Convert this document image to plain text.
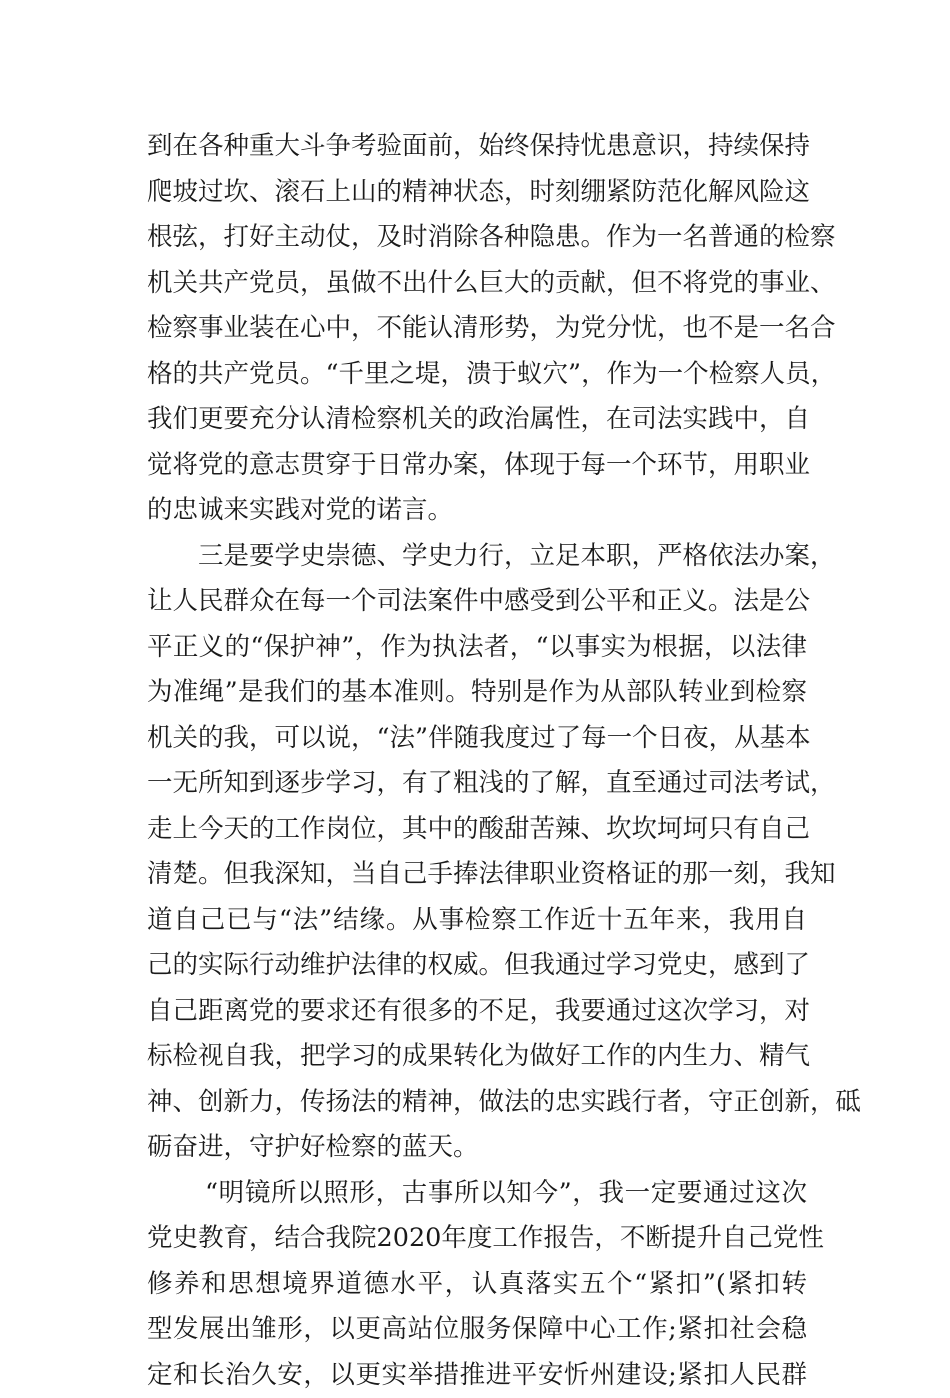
到在各种重大斗争考验面前，始终保持忧患意识，持续保持
爬坡过坎、滚石上山的精神状态，时刻绷紧防范化解风险这
根弦，打好主动仗，及时消除各种隐患。作为一名普通的检察
机关共产党员，虽做不出什么巨大的贡献，但不将党的事业、
检察事业装在心中，不能认清形势，为党分忧，也不是一名合
格的共产党员。“千里之堤，溃于蚁穴”，作为一个检察人员，
我们更要充分认清检察机关的政治属性，在司法实践中，自
觉将党的意志贯穿于日常办案，体现于每一个环节，用职业
的忠诚来实践对党的诺言。
三是要学史崇德、学史力行，立足本职，严格依法办案，
让人民群众在每一个司法案件中感受到公平和正义。法是公
平正义的“保护神”，作为执法者，“以事实为根据，以法律
为准绳”是我们的基本准则。特别是作为从部队转业到检察
机关的我，可以说，“法”伴随我度过了每一个日夜，从基本
一无所知到逐步学习，有了粗浅的了解，直至通过司法考试，
走上今天的工作岗位，其中的酸甜苦辣、坎坎坷坷只有自己
清楚。但我深知，当自己手捧法律职业资格证的那一刻，我知
道自己已与“法”结缘。从事检察工作近十五年来，我用自
己的实际行动维护法律的权威。但我通过学习党史，感到了
自己距离党的要求还有很多的不足，我要通过这次学习，对
标检视自我，把学习的成果转化为做好工作的内生力、精气
神、创新力，传扬法的精神，做法的忠实践行者，守正创新，砥
砺奋进，守护好检察的蓝天。
“明镜所以照形，古事所以知今”，我一定要通过这次
党史教育，结合我院2020年度工作报告，不断提升自己党性
修养和思想境界道德水平，认真落实五个“紧扣”(紧扣转
型发展出雏形，以更高站位服务保障中心工作;紧扣社会稳
定和长治久安，以更实举措推进平安忻州建设;紧扣人民群
